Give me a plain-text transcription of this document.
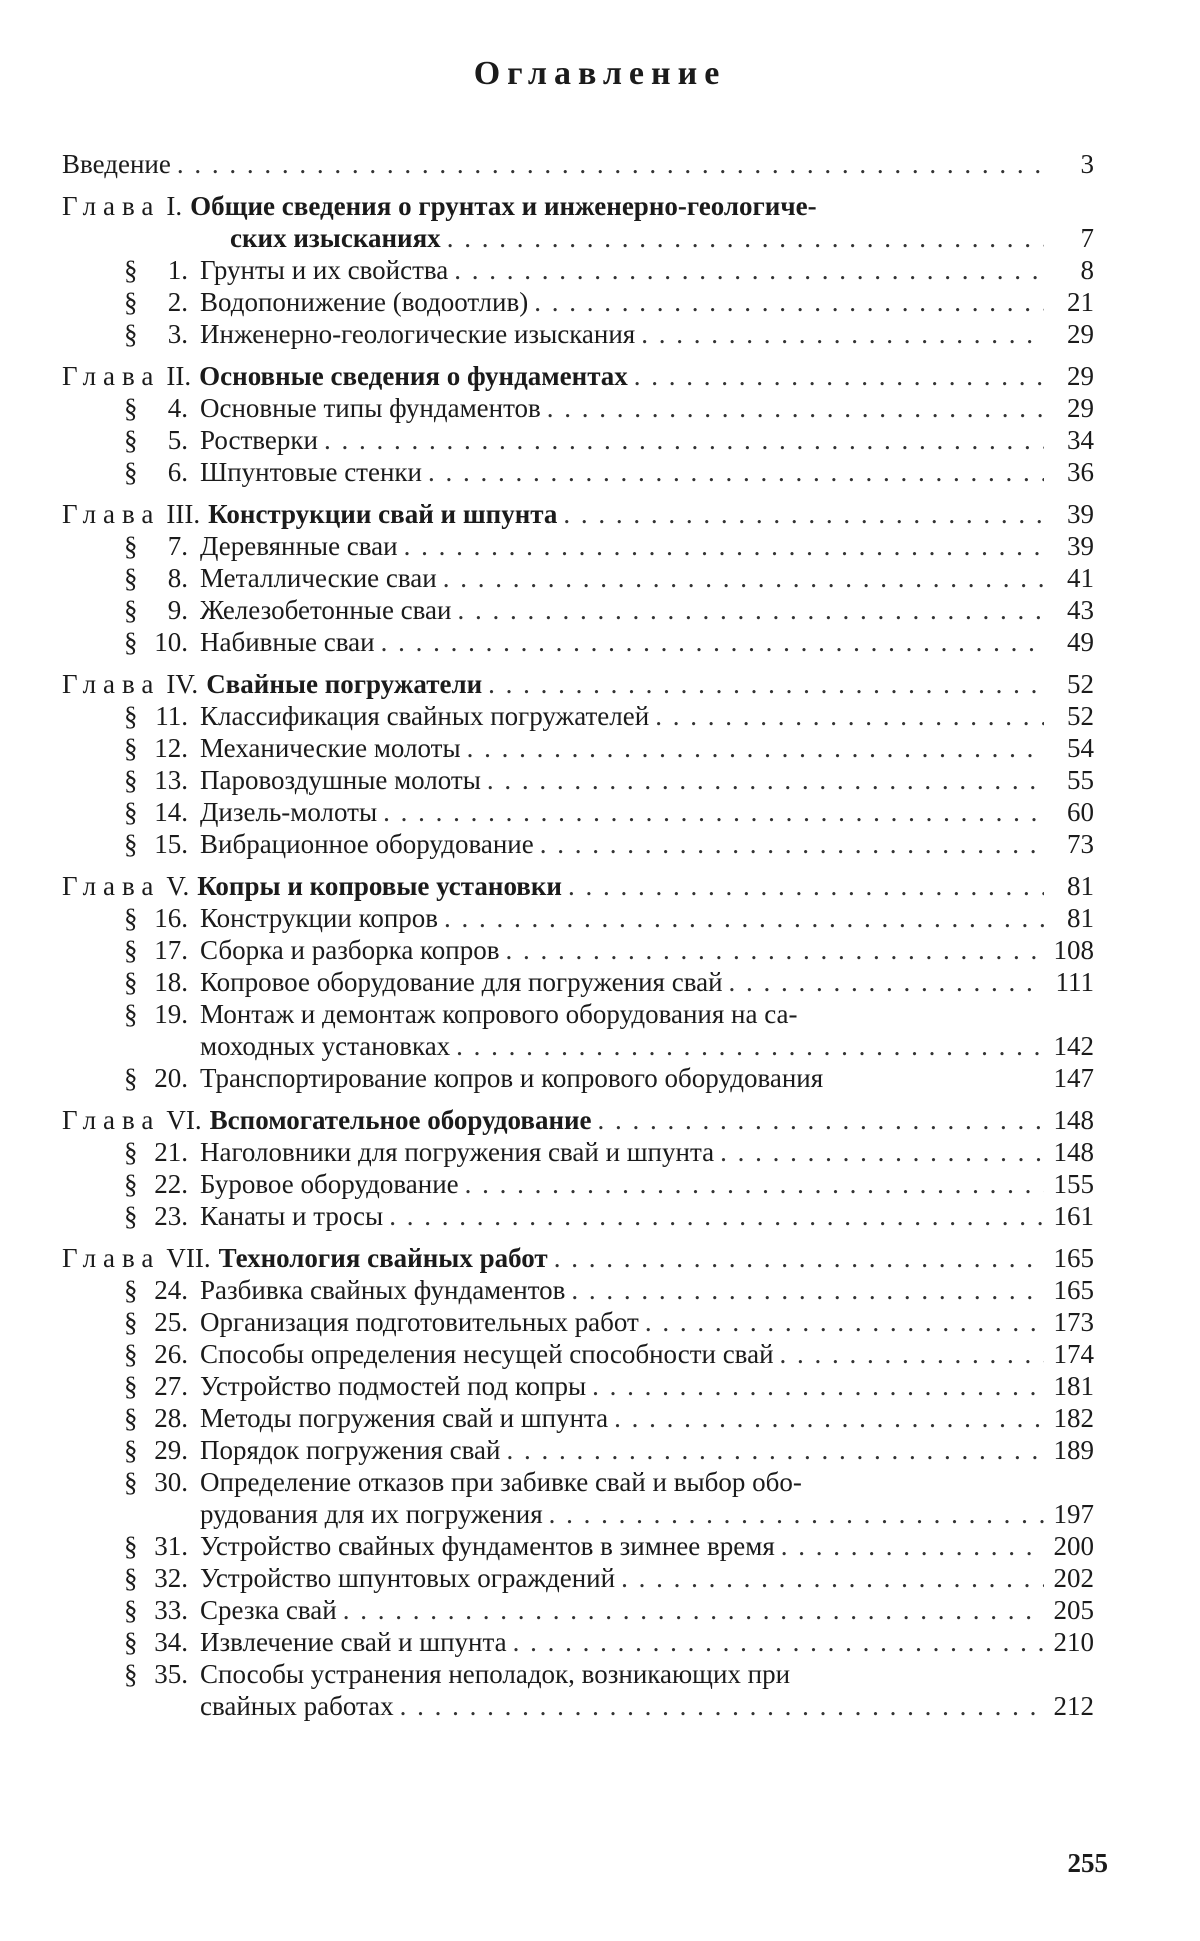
Оглавление
Введение . . .	3
Глава I. Общие сведения о грунтах и инженерно-геологиче-
ских изысканиях . . .	7
§	1. Грунты и их свойства . . .	8
§	2. Водопонижение (водоотлив) . . .	21
§	3. Инженерно-геологические изыскания . . .	29
Глава II. Основные сведения о фундаментах . . .	29
§	4. Основные типы фундаментов . . .	29
§	5. Ростверки . . .	34
§	6. Шпунтовые стенки . . .	36
Глава III. Конструкции свай и шпунта . . .	39
§	7. Деревянные сваи . . .	39
§	8. Металлические сваи . . .	41
§	9. Железобетонные сваи . . .	43
§ 10. Набивные сваи . . .	49
Глава IV. Свайные погружатели . . .	52
§ 11. Классификация свайных погружателей . . .	52
§ 12. Механические молоты . . .	54
§ 13. Паровоздушные молоты . . .	55
§ 14. Дизель-молоты . . .	60
§ 15. Вибрационное оборудование . . .	73
Глава V. Копры и копровые установки . . .	81
§ 16. Конструкции копров . . .	81
§ 17. Сборка и разборка копров . . .	108
§ 18. Копровое оборудование для погружения свай . . .	111
§ 19. Монтаж и демонтаж копрового оборудования на са-
моходных установках . . .	142
§ 20. Транспортирование копров и копрового оборудования	147
Глава VI. Вспомогательное оборудование . . .	148
§ 21. Наголовники для погружения свай и шпунта . . .	148
§ 22. Буровое оборудование . . .	155
§ 23. Канаты и тросы . . .	161
Глава VII. Технология свайных работ . . .	165
§ 24. Разбивка свайных фундаментов . . .	165
§ 25. Организация подготовительных работ . . .	173
§ 26. Способы определения несущей способности свай . . .	174
§ 27. Устройство подмостей под копры . . .	181
§ 28. Методы погружения свай и шпунта . . .	182
§ 29. Порядок погружения свай . . .	189
§ 30. Определение отказов при забивке свай и выбор обо-
рудования для их погружения . . .	197
§ 31. Устройство свайных фундаментов в зимнее время . . .	200
§ 32. Устройство шпунтовых ограждений . . .	202
§ 33. Срезка свай . . .	205
§ 34. Извлечение свай и шпунта . . .	210
§ 35. Способы устранения неполадок, возникающих при
свайных работах . . .	212
255
